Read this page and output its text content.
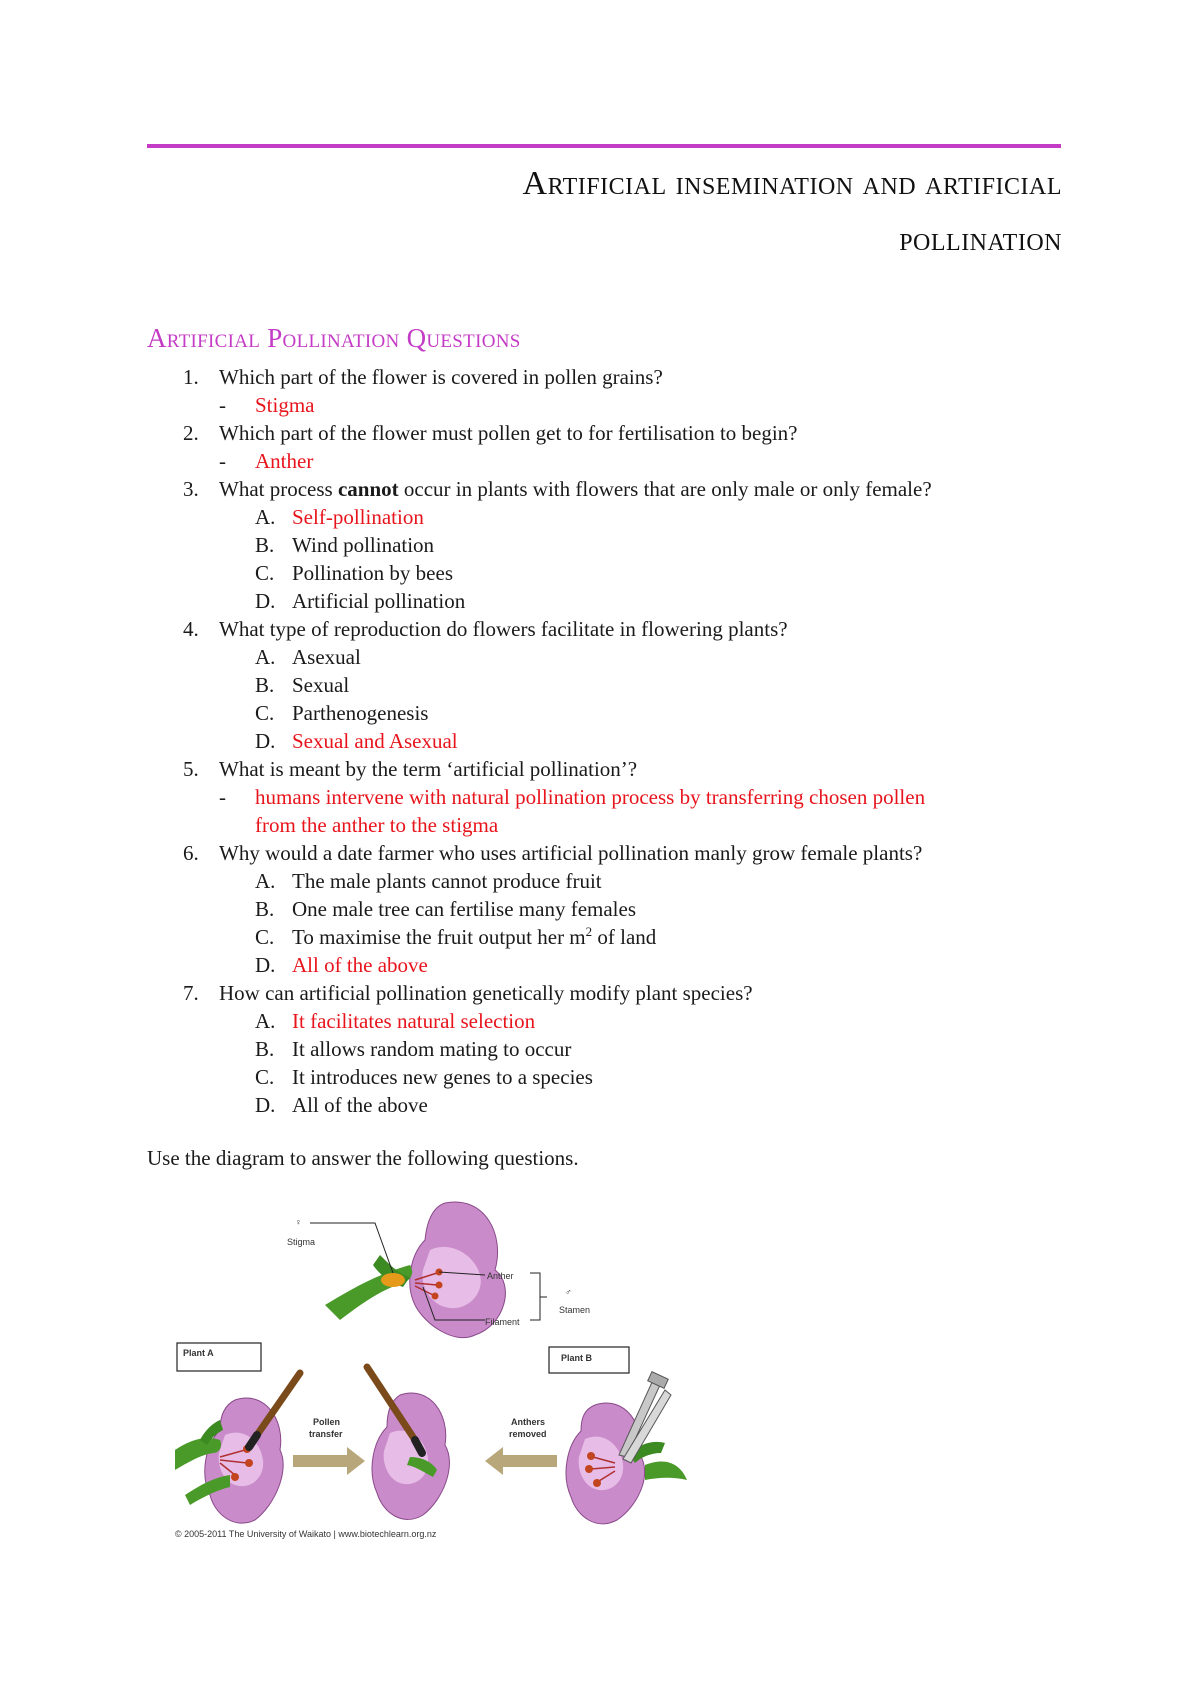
Artificial insemination and artificial
pollination
Artificial Pollination Questions
1. Which part of the flower is covered in pollen grains?
- Stigma
2. Which part of the flower must pollen get to for fertilisation to begin?
- Anther
3. What process cannot occur in plants with flowers that are only male or only female?
A. Self-pollination
B. Wind pollination
C. Pollination by bees
D. Artificial pollination
4. What type of reproduction do flowers facilitate in flowering plants?
A. Asexual
B. Sexual
C. Parthenogenesis
D. Sexual and Asexual
5. What is meant by the term ‘artificial pollination’?
- humans intervene with natural pollination process by transferring chosen pollen
from the anther to the stigma
6. Why would a date farmer who uses artificial pollination manly grow female plants?
A. The male plants cannot produce fruit
B. One male tree can fertilise many females
C. To maximise the fruit output her $m^2$ of land
D. All of the above
7. How can artificial pollination genetically modify plant species?
A. It facilitates natural selection
B. It allows random mating to occur
C. It introduces new genes to a species
D. All of the above
Use the diagram to answer the following questions.
♀
Stigma
Anther
Filament
♂
Stamen
Plant A	Plant B
Pollen
transfer
Anthers
removed
© 2005-2011 The University of Waikato | www.biotechlearn.org.nz
